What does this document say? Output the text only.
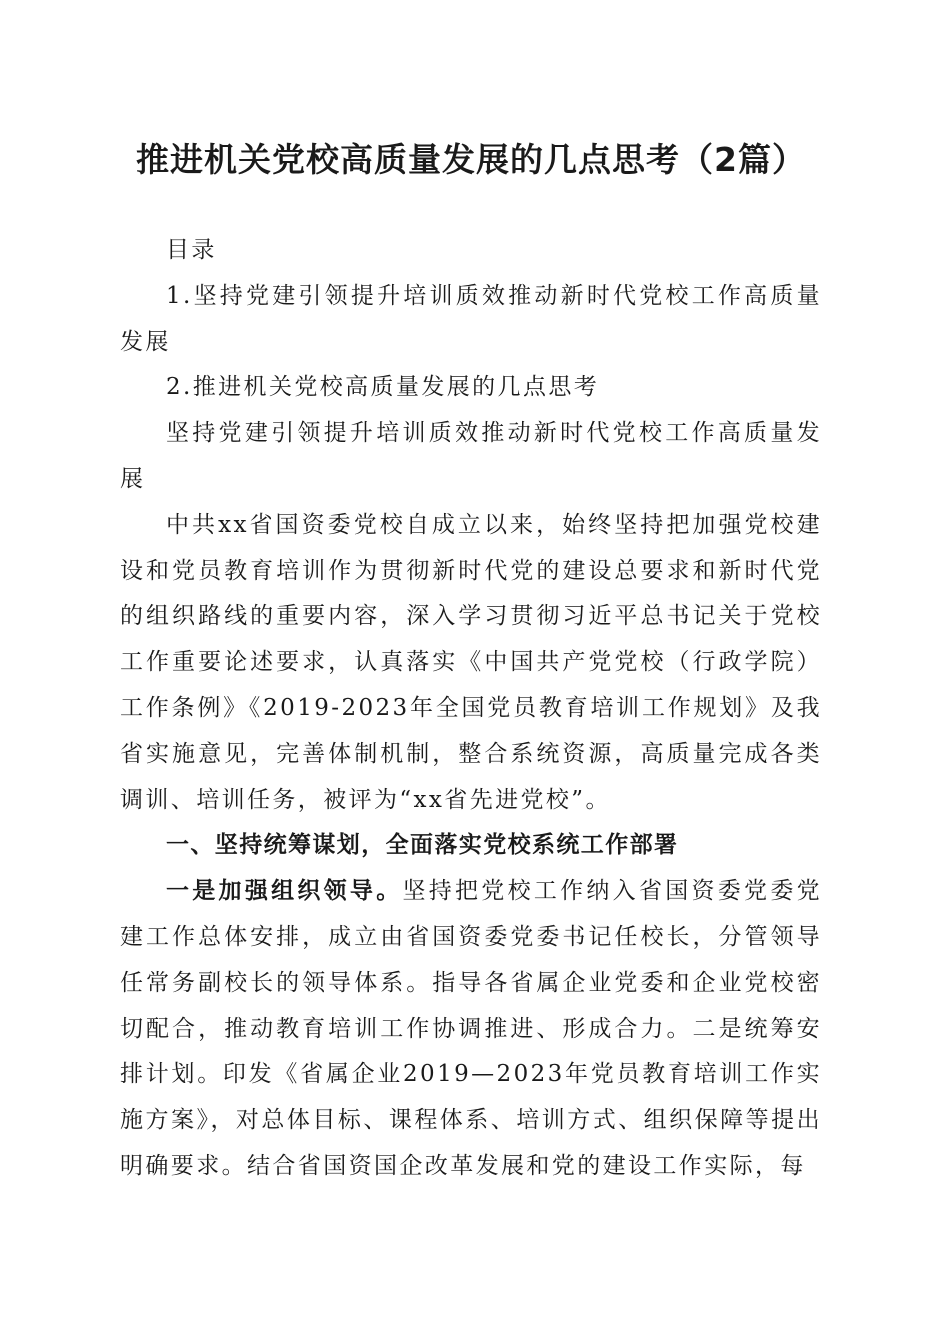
推进机关党校高质量发展的几点思考（2篇）

目录

1.坚持党建引领提升培训质效推动新时代党校工作高质量发展

2.推进机关党校高质量发展的几点思考

坚持党建引领提升培训质效推动新时代党校工作高质量发展

中共xx省国资委党校自成立以来，始终坚持把加强党校建设和党员教育培训作为贯彻新时代党的建设总要求和新时代党的组织路线的重要内容，深入学习贯彻习近平总书记关于党校工作重要论述要求，认真落实《中国共产党党校（行政学院）工作条例》《2019-2023年全国党员教育培训工作规划》及我省实施意见，完善体制机制，整合系统资源，高质量完成各类调训、培训任务，被评为“xx省先进党校”。

一、坚持统筹谋划，全面落实党校系统工作部署

一是加强组织领导。坚持把党校工作纳入省国资委党委党建工作总体安排，成立由省国资委党委书记任校长，分管领导任常务副校长的领导体系。指导各省属企业党委和企业党校密切配合，推动教育培训工作协调推进、形成合力。二是统筹安排计划。印发《省属企业2019—2023年党员教育培训工作实施方案》，对总体目标、课程体系、培训方式、组织保障等提出明确要求。结合省国资国企改革发展和党的建设工作实际，每
